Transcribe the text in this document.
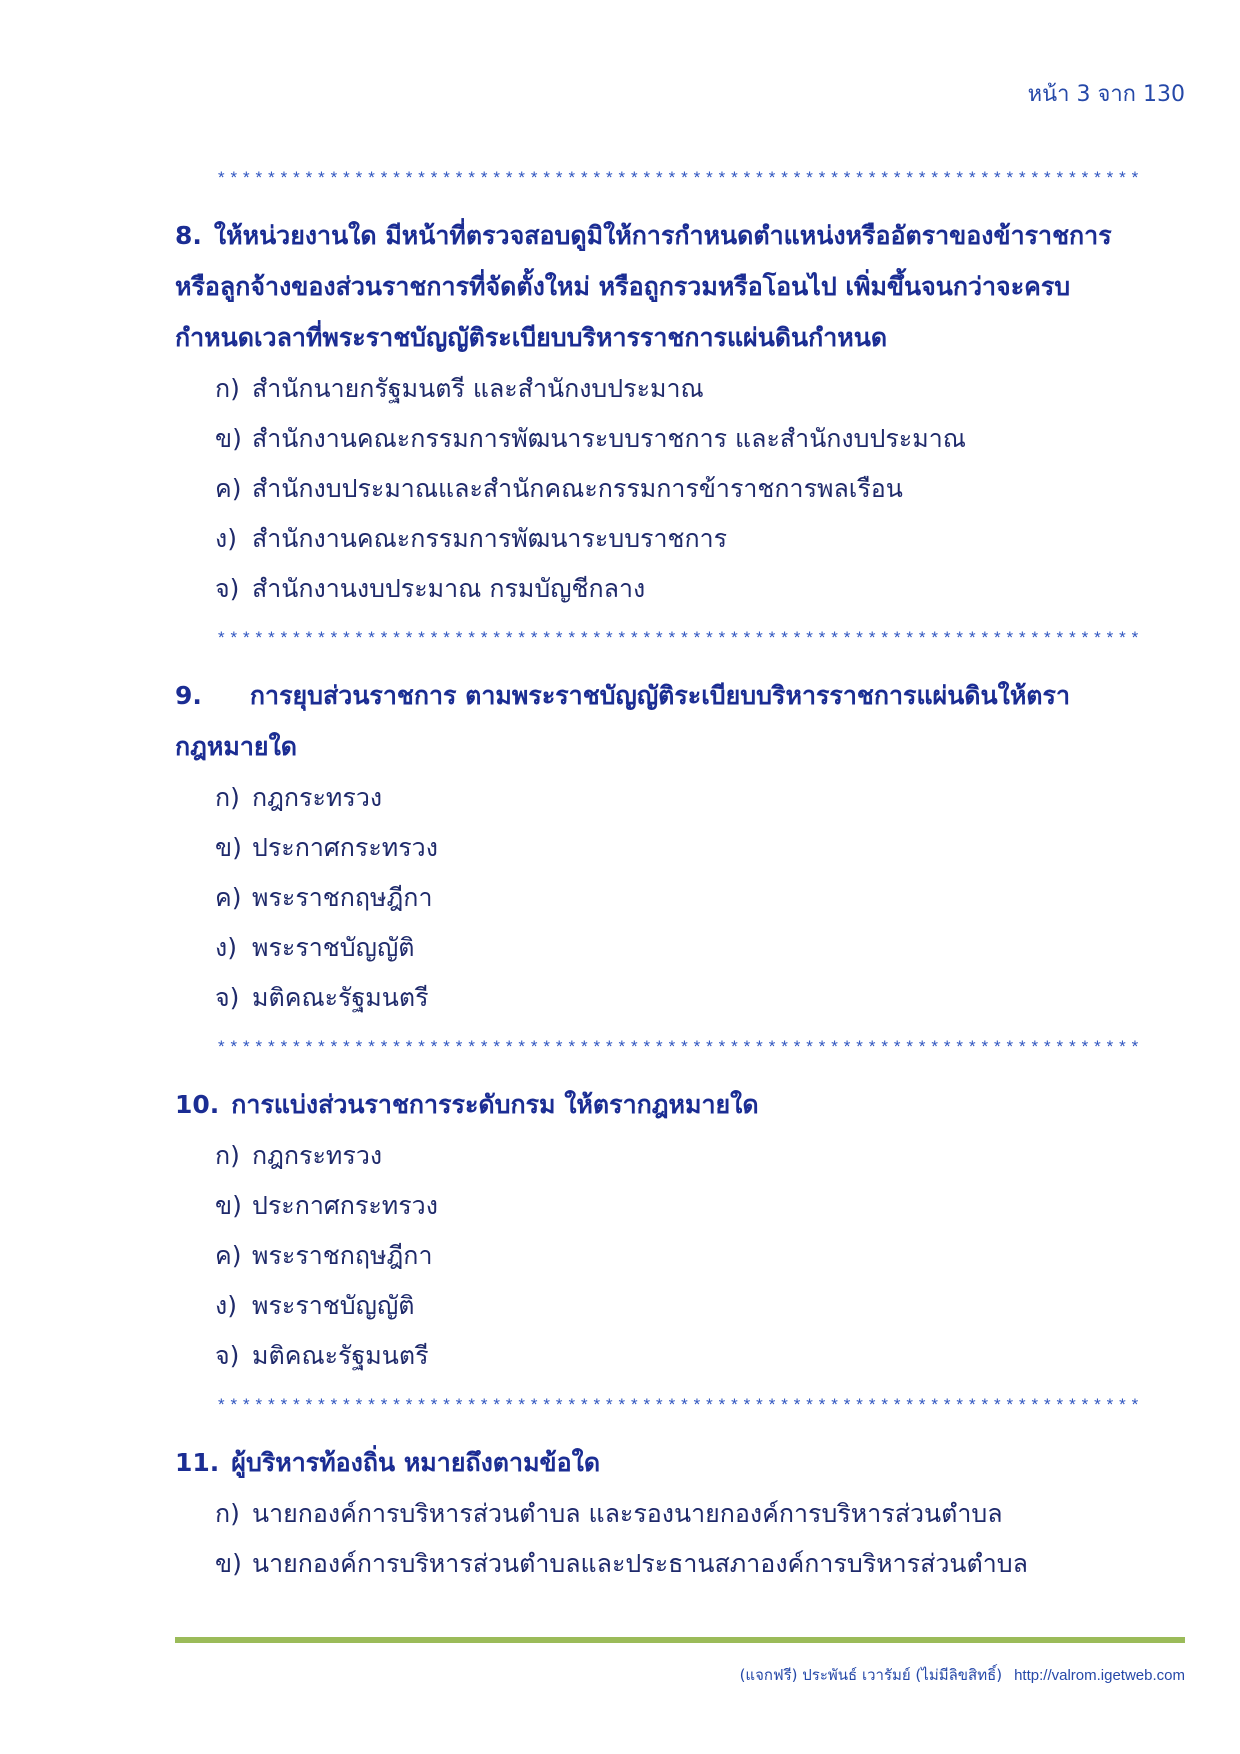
หน้า 3 จาก 130
**************************************************************************
8. ให้หน่วยงานใด มีหน้าที่ตรวจสอบดูมิให้การกำหนดตำแหน่งหรืออัตราของข้าราชการ
หรือลูกจ้างของส่วนราชการที่จัดตั้งใหม่ หรือถูกรวมหรือโอนไป เพิ่มขึ้นจนกว่าจะครบ
กำหนดเวลาที่พระราชบัญญัติระเบียบบริหารราชการแผ่นดินกำหนด
ก) สำนักนายกรัฐมนตรี และสำนักงบประมาณ
ข) สำนักงานคณะกรรมการพัฒนาระบบราชการ และสำนักงบประมาณ
ค) สำนักงบประมาณและสำนักคณะกรรมการข้าราชการพลเรือน
ง) สำนักงานคณะกรรมการพัฒนาระบบราชการ
จ) สำนักงานงบประมาณ กรมบัญชีกลาง
**************************************************************************
9. การยุบส่วนราชการ ตามพระราชบัญญัติระเบียบบริหารราชการแผ่นดินให้ตรา
กฎหมายใด
ก) กฎกระทรวง
ข) ประกาศกระทรวง
ค) พระราชกฤษฎีกา
ง) พระราชบัญญัติ
จ) มติคณะรัฐมนตรี
**************************************************************************
10. การแบ่งส่วนราชการระดับกรม ให้ตรากฎหมายใด
ก) กฎกระทรวง
ข) ประกาศกระทรวง
ค) พระราชกฤษฎีกา
ง) พระราชบัญญัติ
จ) มติคณะรัฐมนตรี
**************************************************************************
11. ผู้บริหารท้องถิ่น หมายถึงตามข้อใด
ก) นายกองค์การบริหารส่วนตำบล และรองนายกองค์การบริหารส่วนตำบล
ข) นายกองค์การบริหารส่วนตำบลและประธานสภาองค์การบริหารส่วนตำบล
(แจกฟรี) ประพันธ์ เวารัมย์ (ไม่มีลิขสิทธิ์) http://valrom.igetweb.com
